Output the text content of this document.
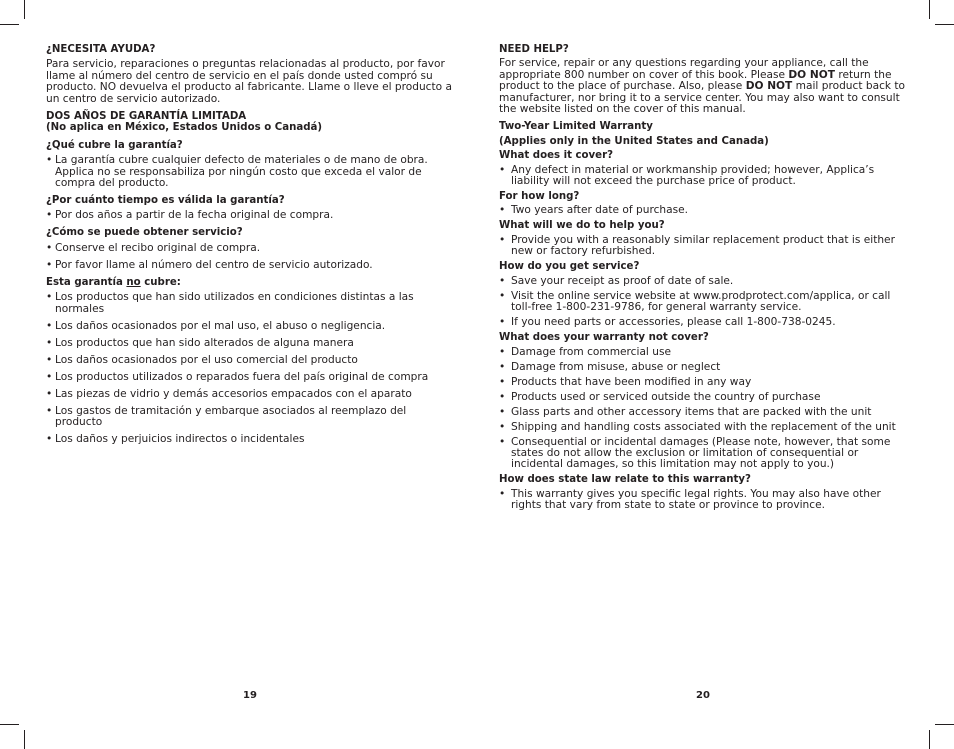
¿NECESITA AYUDA?
Para servicio, reparaciones o preguntas relacionadas al producto, por favor llame al número del centro de servicio en el país donde usted compró su producto. NO devuelva el producto al fabricante. Llame o lleve el producto a un centro de servicio autorizado.
DOS AÑOS DE GARANTÍA LIMITADA
(No aplica en México, Estados Unidos o Canadá)
¿Qué cubre la garantía?
• La garantía cubre cualquier defecto de materiales o de mano de obra. Applica no se responsabiliza por ningún costo que exceda el valor de compra del producto.
¿Por cuánto tiempo es válida la garantía?
• Por dos años a partir de la fecha original de compra.
¿Cómo se puede obtener servicio?
• Conserve el recibo original de compra.
• Por favor llame al número del centro de servicio autorizado.
Esta garantía no cubre:
• Los productos que han sido utilizados en condiciones distintas a las normales
• Los daños ocasionados por el mal uso, el abuso o negligencia.
• Los productos que han sido alterados de alguna manera
• Los daños ocasionados por el uso comercial del producto
• Los productos utilizados o reparados fuera del país original de compra
• Las piezas de vidrio y demás accesorios empacados con el aparato
• Los gastos de tramitación y embarque asociados al reemplazo del producto
• Los daños y perjuicios indirectos o incidentales
19
NEED HELP?
For service, repair or any questions regarding your appliance, call the appropriate 800 number on cover of this book. Please DO NOT return the product to the place of purchase. Also, please DO NOT mail product back to manufacturer, nor bring it to a service center. You may also want to consult the website listed on the cover of this manual.
Two-Year Limited Warranty
(Applies only in the United States and Canada)
What does it cover?
• Any defect in material or workmanship provided; however, Applica’s liability will not exceed the purchase price of product.
For how long?
• Two years after date of purchase.
What will we do to help you?
• Provide you with a reasonably similar replacement product that is either new or factory refurbished.
How do you get service?
• Save your receipt as proof of date of sale.
• Visit the online service website at www.prodprotect.com/applica, or call toll-free 1-800-231-9786, for general warranty service.
• If you need parts or accessories, please call 1-800-738-0245.
What does your warranty not cover?
• Damage from commercial use
• Damage from misuse, abuse or neglect
• Products that have been modified in any way
• Products used or serviced outside the country of purchase
• Glass parts and other accessory items that are packed with the unit
• Shipping and handling costs associated with the replacement of the unit
• Consequential or incidental damages (Please note, however, that some states do not allow the exclusion or limitation of consequential or incidental damages, so this limitation may not apply to you.)
How does state law relate to this warranty?
• This warranty gives you specific legal rights. You may also have other rights that vary from state to state or province to province.
20
